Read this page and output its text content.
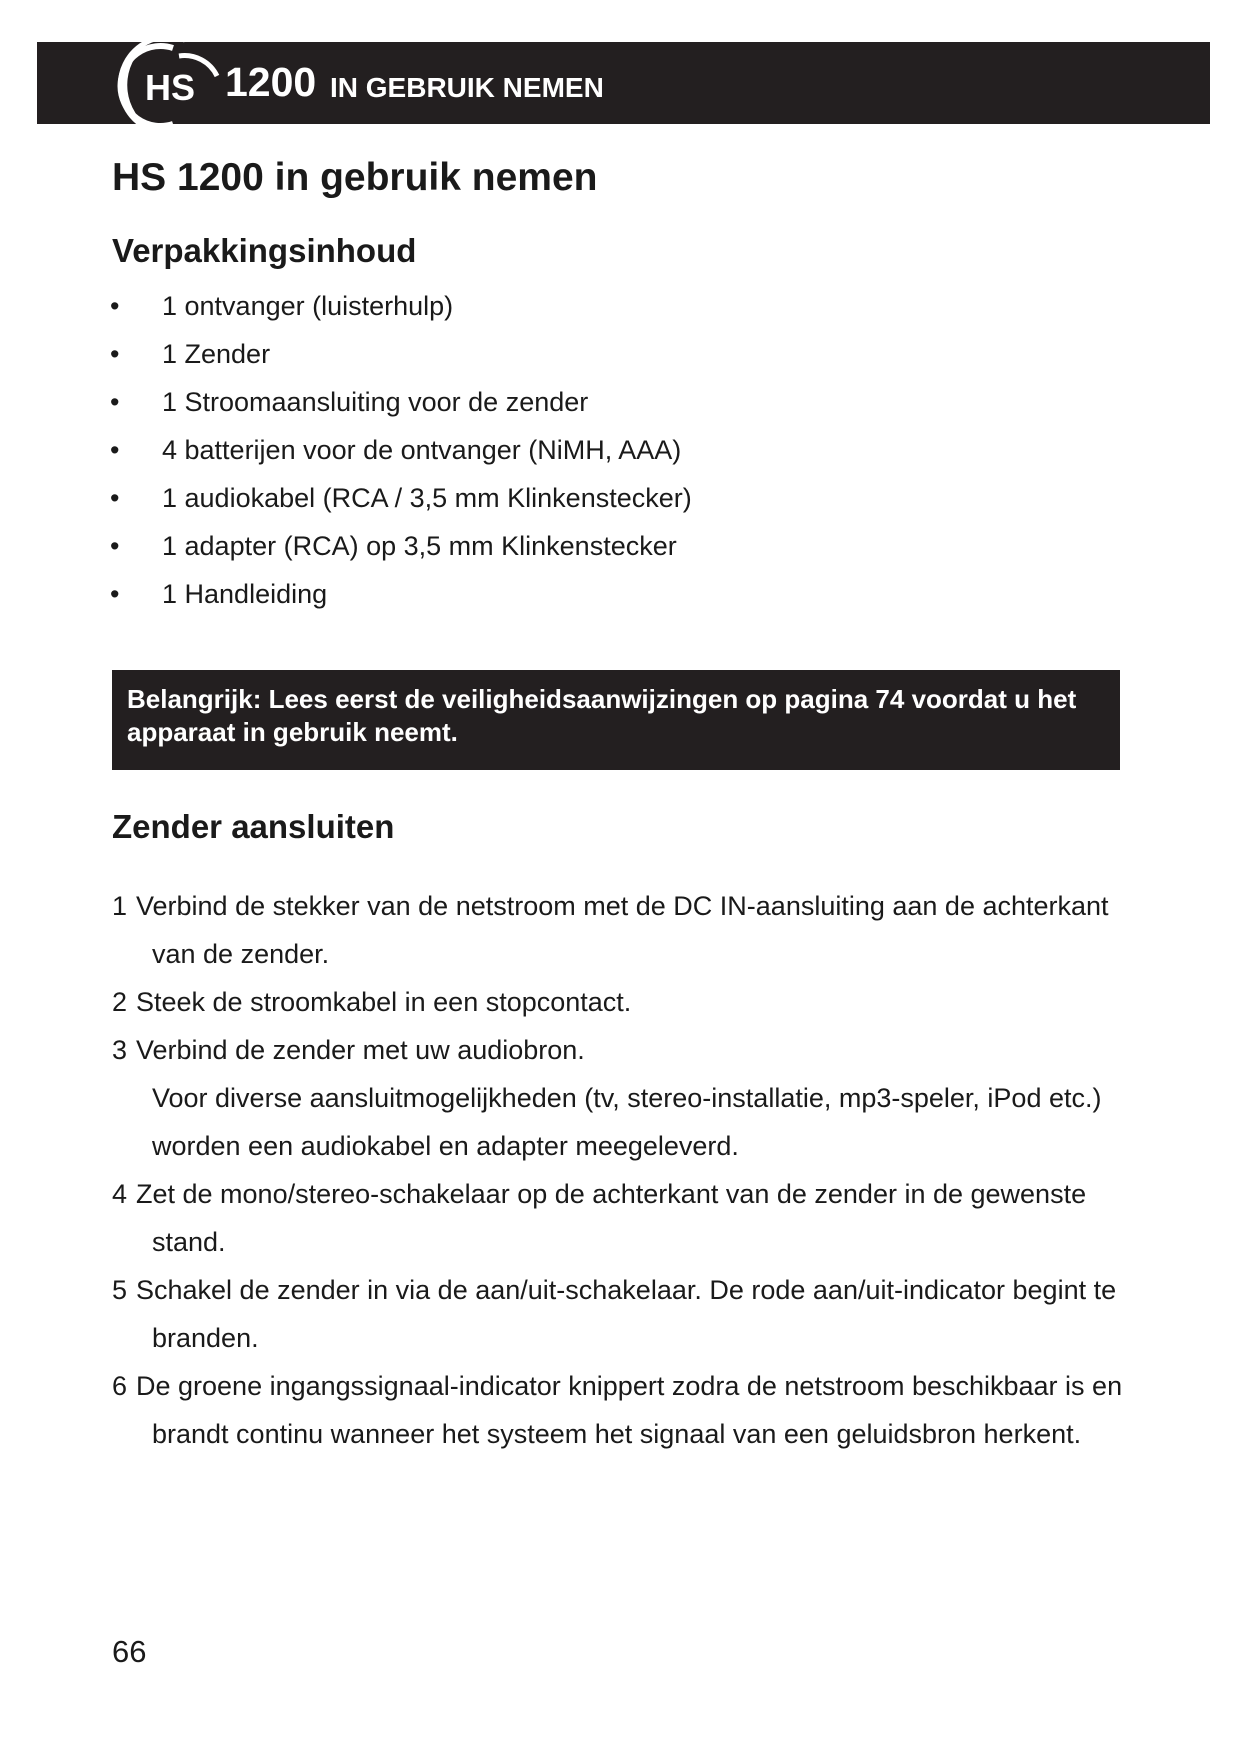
HS 1200 IN GEBRUIK NEMEN
HS 1200 in gebruik nemen
Verpakkingsinhoud
• 1 ontvanger (luisterhulp)
• 1 Zender
• 1 Stroomaansluiting voor de zender
• 4 batterijen voor de ontvanger (NiMH, AAA)
• 1 audiokabel (RCA / 3,5 mm Klinkenstecker)
• 1 adapter (RCA) op 3,5 mm Klinkenstecker
• 1 Handleiding
Belangrijk: Lees eerst de veiligheidsaanwijzingen op pagina 74 voordat u het apparaat in gebruik neemt.
Zender aansluiten
1 Verbind de stekker van de netstroom met de DC IN-aansluiting aan de achterkant van de zender.
2 Steek de stroomkabel in een stopcontact.
3 Verbind de zender met uw audiobron.
Voor diverse aansluitmogelijkheden (tv, stereo-installatie, mp3-speler, iPod etc.) worden een audiokabel en adapter meegeleverd.
4 Zet de mono/stereo-schakelaar op de achterkant van de zender in de gewenste stand.
5 Schakel de zender in via de aan/uit-schakelaar. De rode aan/uit-indicator begint te branden.
6 De groene ingangssignaal-indicator knippert zodra de netstroom beschikbaar is en brandt continu wanneer het systeem het signaal van een geluidsbron herkent.
66
